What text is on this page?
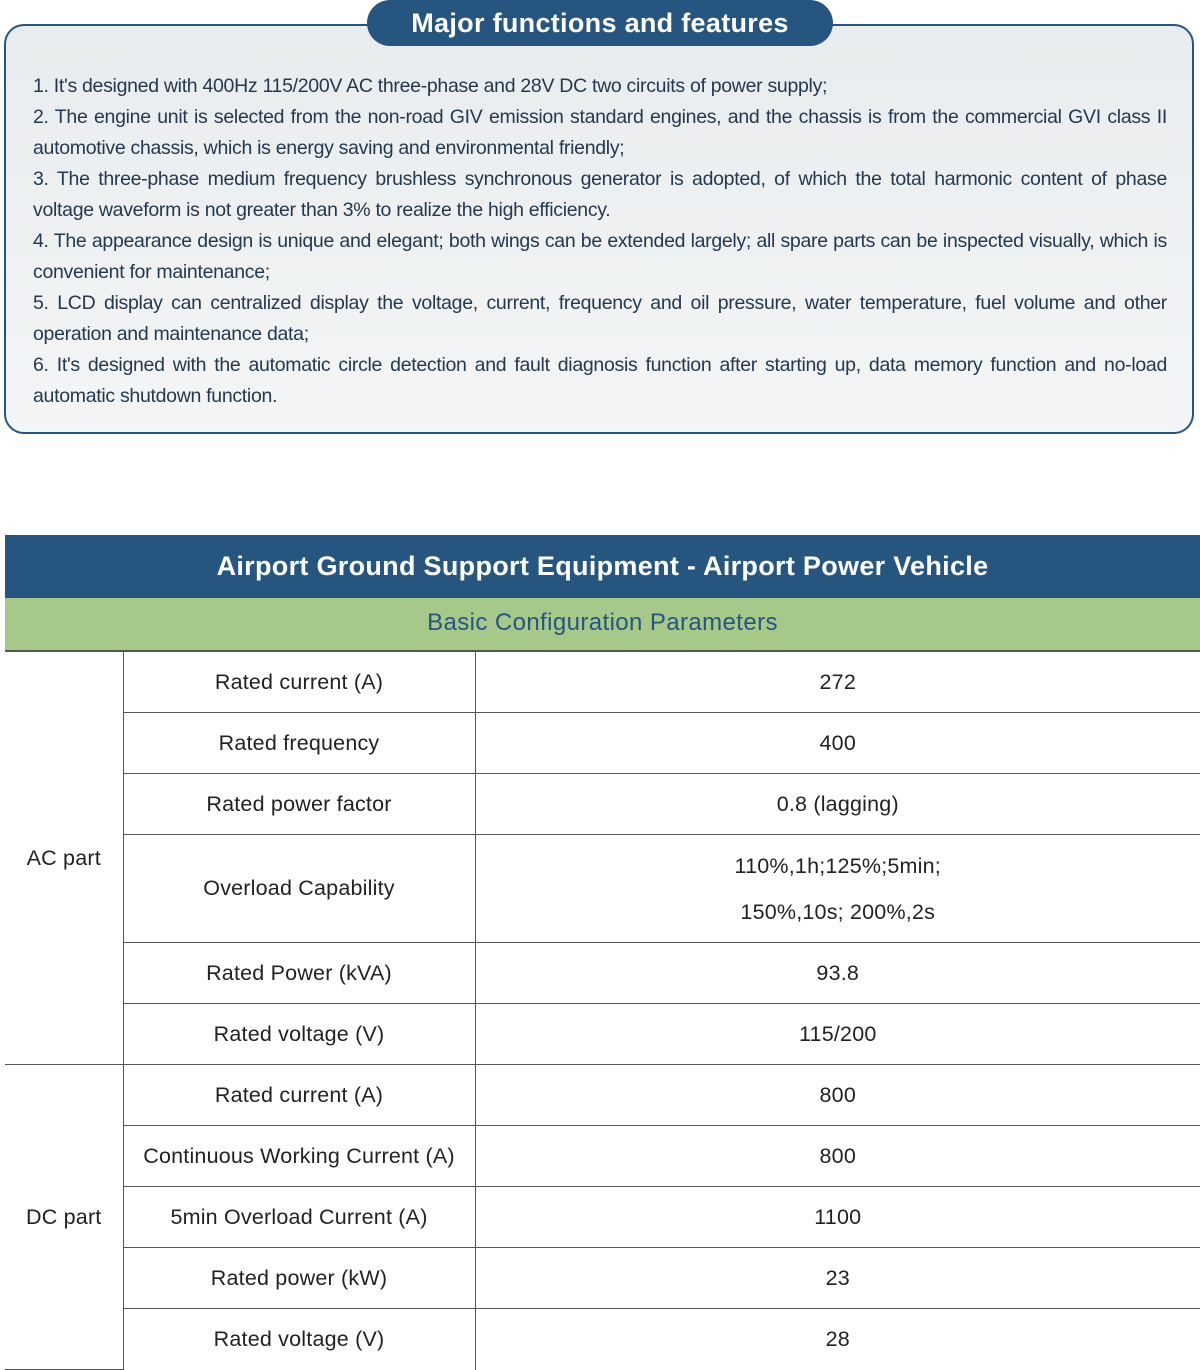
Major functions and features
1. It's designed with 400Hz 115/200V AC three-phase and 28V DC two circuits of power supply;
2. The engine unit is selected from the non-road GIV emission standard engines, and the chassis is from the commercial GVI class II automotive chassis, which is energy saving and environmental friendly;
3. The three-phase medium frequency brushless synchronous generator is adopted, of which the total harmonic content of phase voltage waveform is not greater than 3% to realize the high efficiency.
4. The appearance design is unique and elegant; both wings can be extended largely; all spare parts can be inspected visually, which is convenient for maintenance;
5. LCD display can centralized display the voltage, current, frequency and oil pressure, water temperature, fuel volume and other operation and maintenance data;
6. It's designed with the automatic circle detection and fault diagnosis function after starting up, data memory function and no-load automatic shutdown function.
Airport Ground Support Equipment - Airport Power Vehicle
Basic Configuration Parameters
AC part	Rated current (A)	272
	Rated frequency	400
	Rated power factor	0.8 (lagging)
	Overload Capability	110%,1h;125%;5min;
150%,10s; 200%,2s

	Rated Power (kVA)	93.8
	Rated voltage (V)	115/200
DC part	Rated current (A)	800
	Continuous Working Current (A)	800
	5min Overload Current (A)	1100
	Rated power (kW)	23
	Rated voltage (V)	28
